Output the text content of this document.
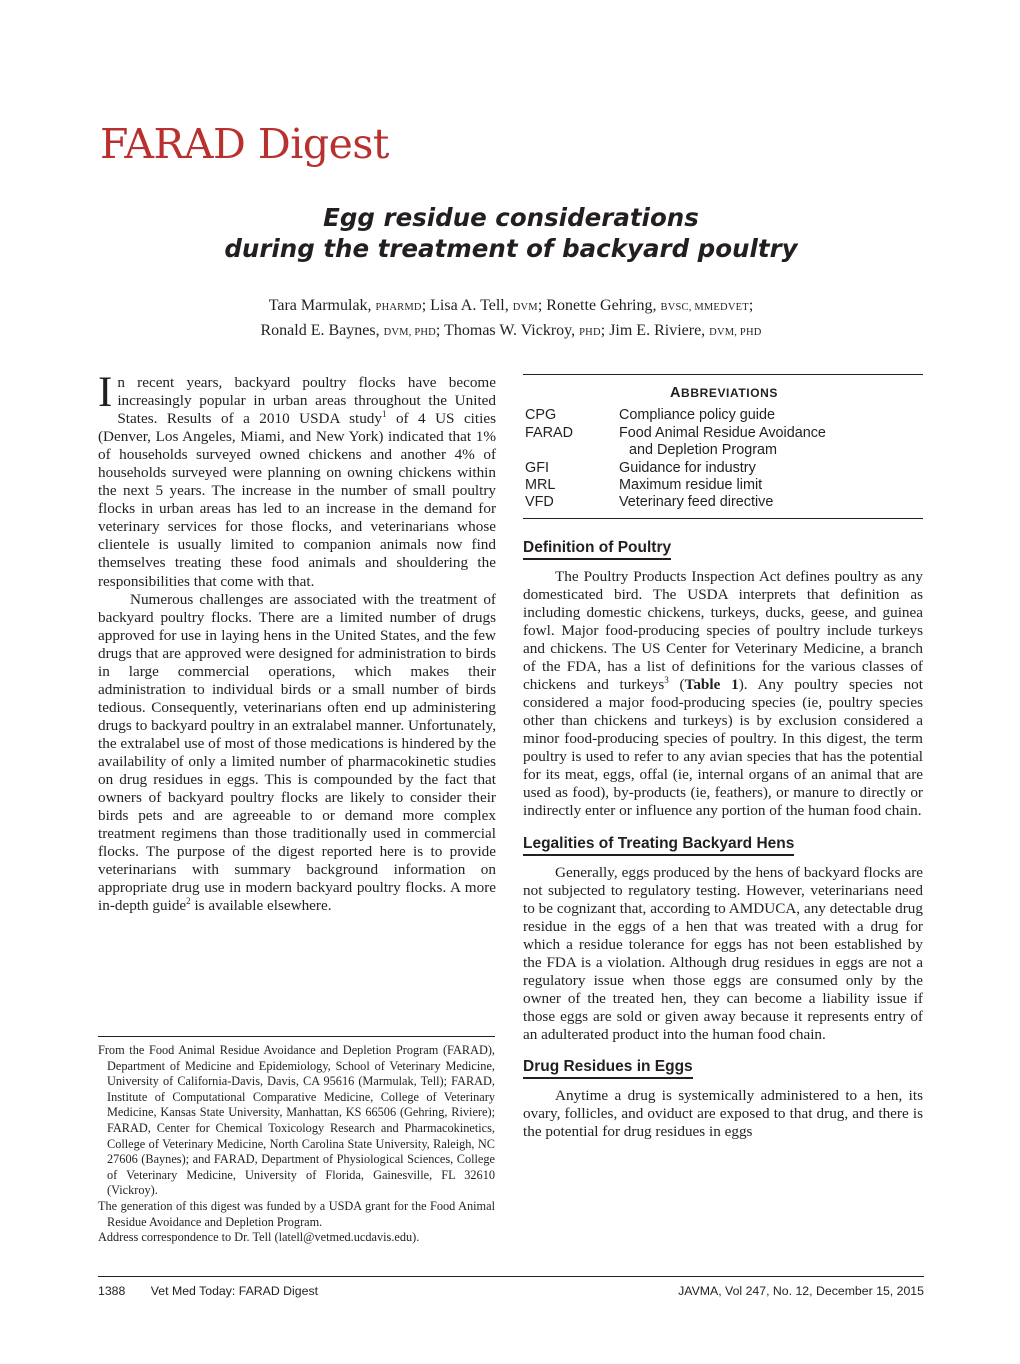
FARAD Digest
Egg residue considerations
during the treatment of backyard poultry
Tara Marmulak, PHARMD; Lisa A. Tell, DVM; Ronette Gehring, BVSC, MMEDVET;
Ronald E. Baynes, DVM, PHD; Thomas W. Vickroy, PHD; Jim E. Riviere, DVM, PHD

In recent years, backyard poultry flocks have become increasingly popular in urban areas throughout the United States. Results of a 2010 USDA study$^1$ of 4 US cities (Denver, Los Angeles, Miami, and New York) indicated that 1% of households surveyed owned chickens and another 4% of households surveyed were planning on owning chickens within the next 5 years. The increase in the number of small poultry flocks in urban areas has led to an increase in the demand for veterinary services for those flocks, and veterinarians whose clientele is usually limited to companion animals now find themselves treating these food animals and shouldering the responsibilities that come with that.

Numerous challenges are associated with the treatment of backyard poultry flocks. There are a limited number of drugs approved for use in laying hens in the United States, and the few drugs that are approved were designed for administration to birds in large commercial operations, which makes their administration to individual birds or a small number of birds tedious. Consequently, veterinarians often end up administering drugs to backyard poultry in an extralabel manner. Unfortunately, the extralabel use of most of those medications is hindered by the availability of only a limited number of pharmacokinetic studies on drug residues in eggs. This is compounded by the fact that owners of backyard poultry flocks are likely to consider their birds pets and are agreeable to or demand more complex treatment regimens than those traditionally used in commercial flocks. The purpose of the digest reported here is to provide veterinarians with summary background information on appropriate drug use in modern backyard poultry flocks. A more in-depth guide$^2$ is available elsewhere.

From the Food Animal Residue Avoidance and Depletion Program (FARAD), Department of Medicine and Epidemiology, School of Veterinary Medicine, University of California-Davis, Davis, CA 95616 (Marmulak, Tell); FARAD, Institute of Computational Comparative Medicine, College of Veterinary Medicine, Kansas State University, Manhattan, KS 66506 (Gehring, Riviere); FARAD, Center for Chemical Toxicology Research and Pharmacokinetics, College of Veterinary Medicine, North Carolina State University, Raleigh, NC 27606 (Baynes); and FARAD, Department of Physiological Sciences, College of Veterinary Medicine, University of Florida, Gainesville, FL 32610 (Vickroy).

The generation of this digest was funded by a USDA grant for the Food Animal Residue Avoidance and Depletion Program.

Address correspondence to Dr. Tell (latell@vetmed.ucdavis.edu).

ABBREVIATIONS
CPG	Compliance policy guide
FARAD	Food Animal Residue Avoidance
and Depletion Program
GFI	Guidance for industry
MRL	Maximum residue limit
VFD	Veterinary feed directive
Definition of Poultry

The Poultry Products Inspection Act defines poultry as any domesticated bird. The USDA interprets that definition as including domestic chickens, turkeys, ducks, geese, and guinea fowl. Major food-producing species of poultry include turkeys and chickens. The US Center for Veterinary Medicine, a branch of the FDA, has a list of definitions for the various classes of chickens and turkeys$^3$ (Table 1). Any poultry species not considered a major food-producing species (ie, poultry species other than chickens and turkeys) is by exclusion considered a minor food-producing species of poultry. In this digest, the term poultry is used to refer to any avian species that has the potential for its meat, eggs, offal (ie, internal organs of an animal that are used as food), by-products (ie, feathers), or manure to directly or indirectly enter or influence any portion of the human food chain.

Legalities of Treating Backyard Hens

Generally, eggs produced by the hens of backyard flocks are not subjected to regulatory testing. However, veterinarians need to be cognizant that, according to AMDUCA, any detectable drug residue in the eggs of a hen that was treated with a drug for which a residue tolerance for eggs has not been established by the FDA is a violation. Although drug residues in eggs are not a regulatory issue when those eggs are consumed only by the owner of the treated hen, they can become a liability issue if those eggs are sold or given away because it represents entry of an adulterated product into the human food chain.

Drug Residues in Eggs

Anytime a drug is systemically administered to a hen, its ovary, follicles, and oviduct are exposed to that drug, and there is the potential for drug residues in eggs

1388 Vet Med Today: FARAD Digest	JAVMA, Vol 247, No. 12, December 15, 2015
